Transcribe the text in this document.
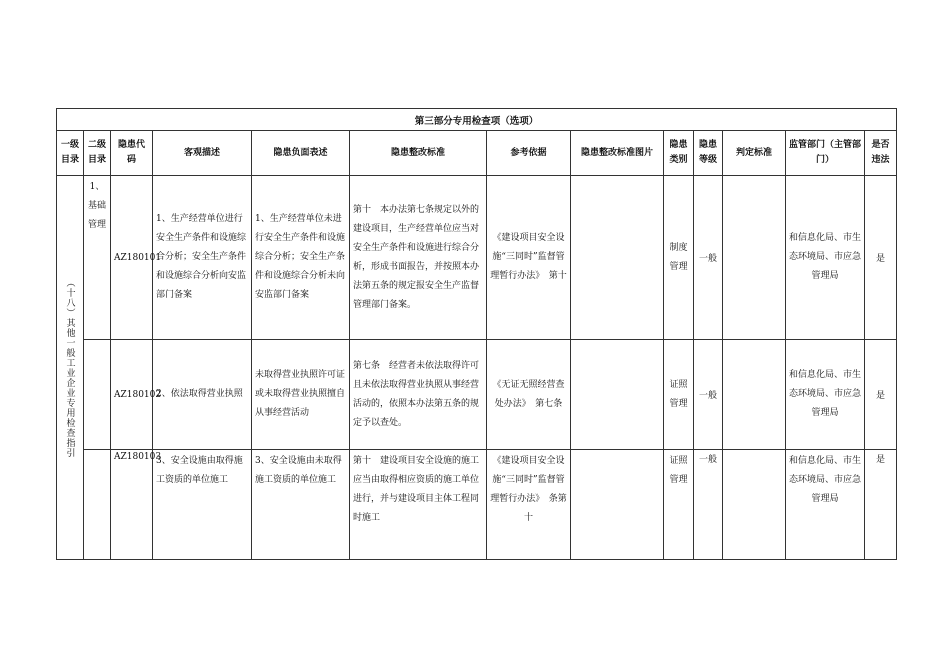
第三部分专用检查项（选项）												
一级目录	二级目录	隐患代码	客观描述	隐患负面表述	隐患整改标准	参考依据	隐患整改标准图片	隐患类别	隐患等级	判定标准	监管部门（主管部门）	是否违法

（十八）其他一般工业企业专用检查指引	1、基础管理	AZ180101	1、生产经营单位进行安全生产条件和设施综合分析；安全生产条件和设施综合分析向安监部门备案	1、生产经营单位未进行安全生产条件和设施综合分析；安全生产条件和设施综合分析未向安监部门备案	第十　本办法第七条规定以外的建设项目，生产经营单位应当对安全生产条件和设施进行综合分析，形成书面报告，并按照本办法第五条的规定报安全生产监督管理部门备案。	《建设项目安全设施“三同时”监督管理暂行办法》　第十		制度管理	一般		和信息化局、市生态环境局、市应急管理局	是
		AZ180102	2、依法取得营业执照	未取得营业执照许可证或未取得营业执照擅自从事经营活动	第七条　经营者未依法取得许可且未依法取得营业执照从事经营活动的，依照本办法第五条的规定予以查处。	《无证无照经营查处办法》　第七条		证照管理	一般		和信息化局、市生态环境局、市应急管理局	是
		AZ180103	3、安全设施由取得施工资质的单位施工	3、安全设施由未取得施工资质的单位施工	第十　建设项目安全设施的施工应当由取得相应资质的施工单位进行，并与建设项目主体工程同时施工	《建设项目安全设施“三同时”监督管理暂行办法》　条第十		证照管理	一般		和信息化局、市生态环境局、市应急管理局	是
